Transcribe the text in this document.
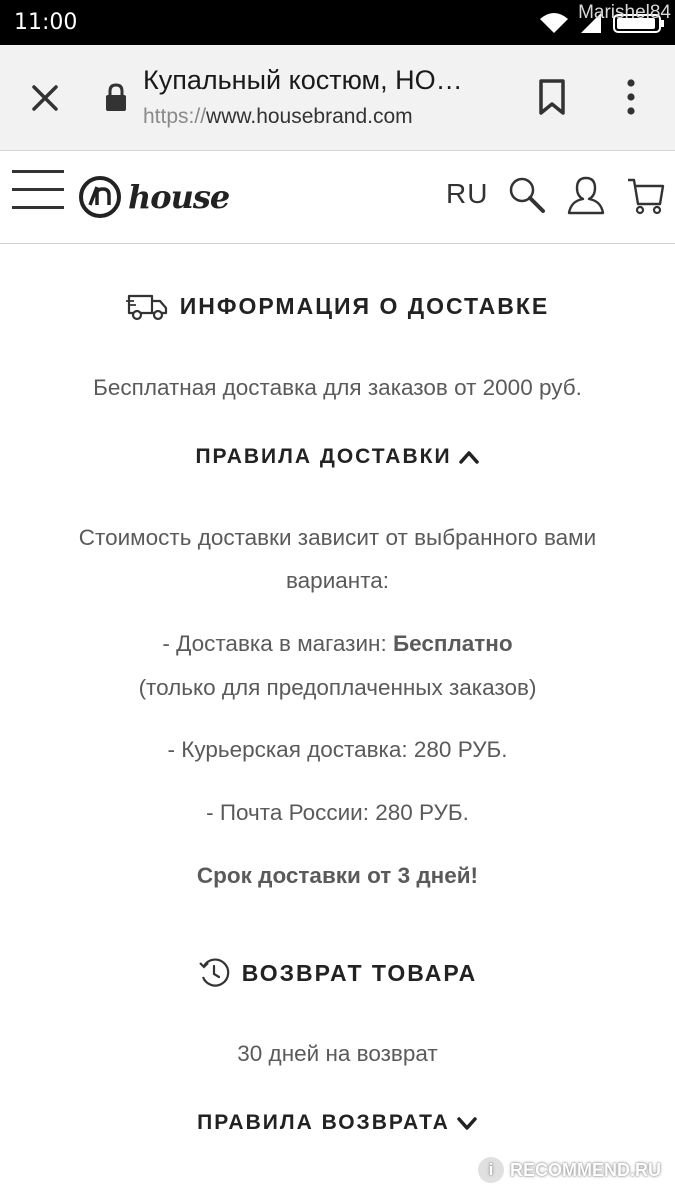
11:00	Marishel84
Купальный костюм, НО…
https://www.housebrand.com
house	RU
ИНФОРМАЦИЯ О ДОСТАВКЕ
Бесплатная доставка для заказов от 2000 руб.
ПРАВИЛА ДОСТАВКИ
Стоимость доставки зависит от выбранного вами
варианта:
- Доставка в магазин: Бесплатно
(только для предоплаченных заказов)
- Курьерская доставка: 280 РУБ.
- Почта России: 280 РУБ.
Срок доставки от 3 дней!
ВОЗВРАТ ТОВАРА
30 дней на возврат
ПРАВИЛА ВОЗВРАТА
i RECOMMEND.RU
